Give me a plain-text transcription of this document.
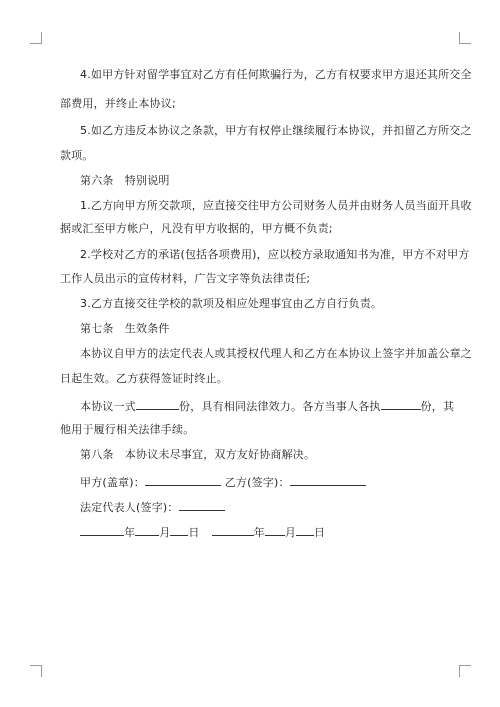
4.如甲方针对留学事宜对乙方有任何欺骗行为，乙方有权要求甲方退还其所交全
部费用，并终止本协议;
5.如乙方违反本协议之条款，甲方有权停止继续履行本协议，并扣留乙方所交之
款项。
第六条　特别说明
1.乙方向甲方所交款项，应直接交往甲方公司财务人员并由财务人员当面开具收
据或汇至甲方帐户，凡没有甲方收据的，甲方概不负责;
2.学校对乙方的承诺(包括各项费用)，应以校方录取通知书为准，甲方不对甲方
工作人员出示的宣传材料，广告文字等负法律责任;
3.乙方直接交往学校的款项及相应处理事宜由乙方自行负责。
第七条　生效条件
本协议自甲方的法定代表人或其授权代理人和乙方在本协议上签字并加盖公章之
日起生效。乙方获得签证时终止。
本协议一式	份，具有相同法律效力。各方当事人各执	份，其
他用于履行相关法律手续。
第八条　本协议未尽事宜，双方友好协商解决。
甲方(盖章)：	乙方(签字)：
法定代表人(签字)：
年 月 日	年 月 日
